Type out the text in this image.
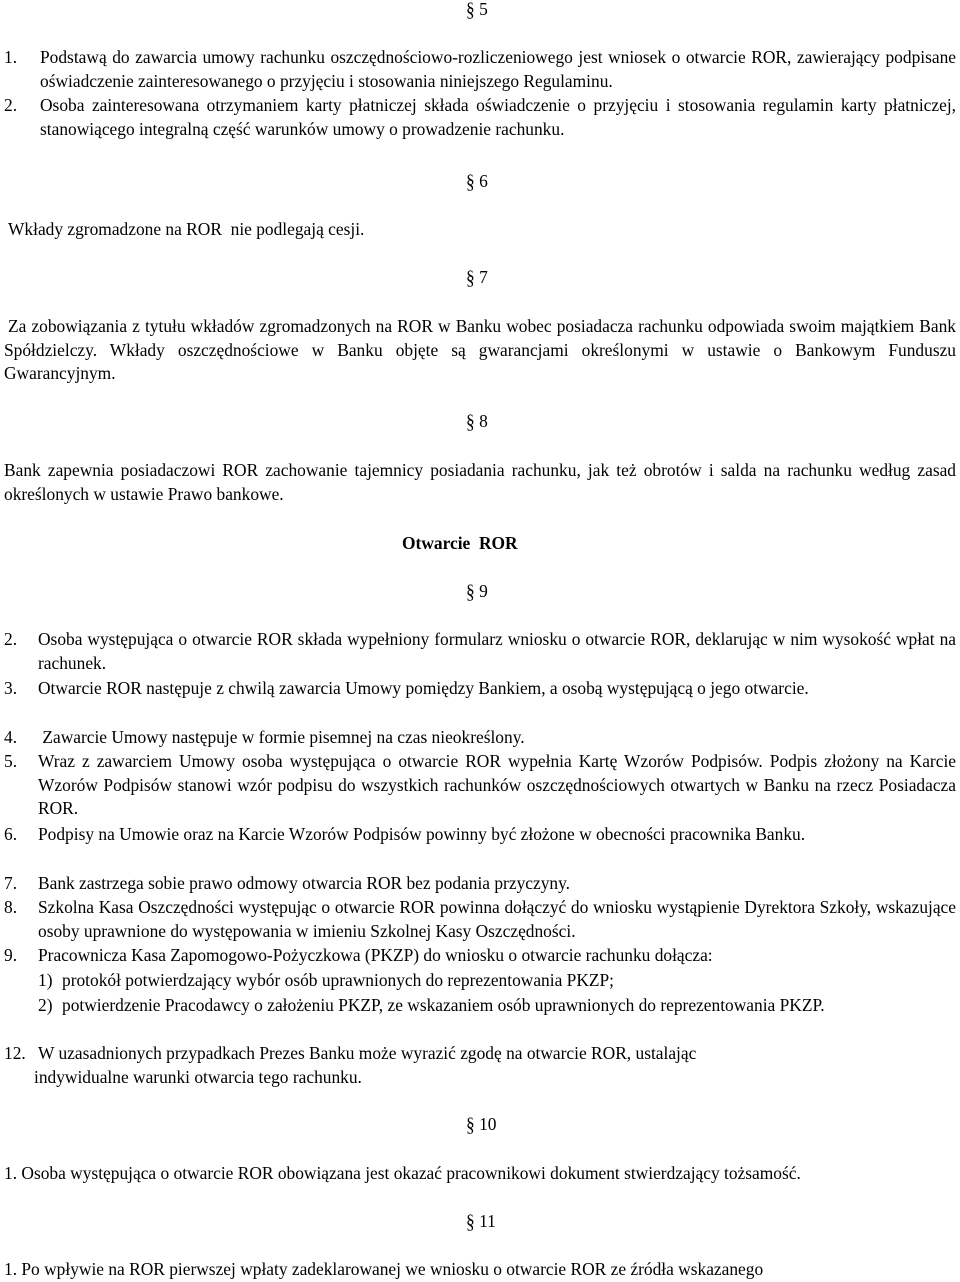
§ 5
1. Podstawą do zawarcia umowy rachunku oszczędnościowo-rozliczeniowego jest wniosek o otwarcie ROR, zawierający podpisane oświadczenie zainteresowanego o przyjęciu i stosowania niniejszego Regulaminu.
2. Osoba zainteresowana otrzymaniem karty płatniczej składa oświadczenie o przyjęciu i stosowania regulamin karty płatniczej, stanowiącego integralną część warunków umowy o prowadzenie rachunku.
§ 6
Wkłady zgromadzone na ROR  nie podlegają cesji.
§ 7
Za zobowiązania z tytułu wkładów zgromadzonych na ROR w Banku wobec posiadacza rachunku odpowiada swoim majątkiem Bank Spółdzielczy. Wkłady oszczędnościowe w Banku objęte są gwarancjami określonymi w ustawie o Bankowym Funduszu Gwarancyjnym.
§ 8
Bank zapewnia posiadaczowi ROR zachowanie tajemnicy posiadania rachunku, jak też obrotów i salda na rachunku według zasad określonych w ustawie Prawo bankowe.
Otwarcie  ROR
§ 9
2. Osoba występująca o otwarcie ROR składa wypełniony formularz wniosku o otwarcie ROR, deklarując w nim wysokość wpłat na rachunek.
3. Otwarcie ROR następuje z chwilą zawarcia Umowy pomiędzy Bankiem, a osobą występującą o jego otwarcie.
4. Zawarcie Umowy następuje w formie pisemnej na czas nieokreślony.
5. Wraz z zawarciem Umowy osoba występująca o otwarcie ROR wypełnia Kartę Wzorów Podpisów. Podpis złożony na Karcie Wzorów Podpisów stanowi wzór podpisu do wszystkich rachunków oszczędnościowych otwartych w Banku na rzecz Posiadacza ROR.
6. Podpisy na Umowie oraz na Karcie Wzorów Podpisów powinny być złożone w obecności pracownika Banku.
7. Bank zastrzega sobie prawo odmowy otwarcia ROR bez podania przyczyny.
8. Szkolna Kasa Oszczędności występując o otwarcie ROR powinna dołączyć do wniosku wystąpienie Dyrektora Szkoły, wskazujące osoby uprawnione do występowania w imieniu Szkolnej Kasy Oszczędności.
9. Pracownicza Kasa Zapomogowo-Pożyczkowa (PKZP) do wniosku o otwarcie rachunku dołącza:
1) protokół potwierdzający wybór osób uprawnionych do reprezentowania PKZP;
2) potwierdzenie Pracodawcy o założeniu PKZP, ze wskazaniem osób uprawnionych do reprezentowania PKZP.
12. W uzasadnionych przypadkach Prezes Banku może wyrazić zgodę na otwarcie ROR, ustalając
indywidualne warunki otwarcia tego rachunku.
§ 10
1. Osoba występująca o otwarcie ROR obowiązana jest okazać pracownikowi dokument stwierdzający tożsamość.
§ 11
1. Po wpływie na ROR pierwszej wpłaty zadeklarowanej we wniosku o otwarcie ROR ze źródła wskazanego
